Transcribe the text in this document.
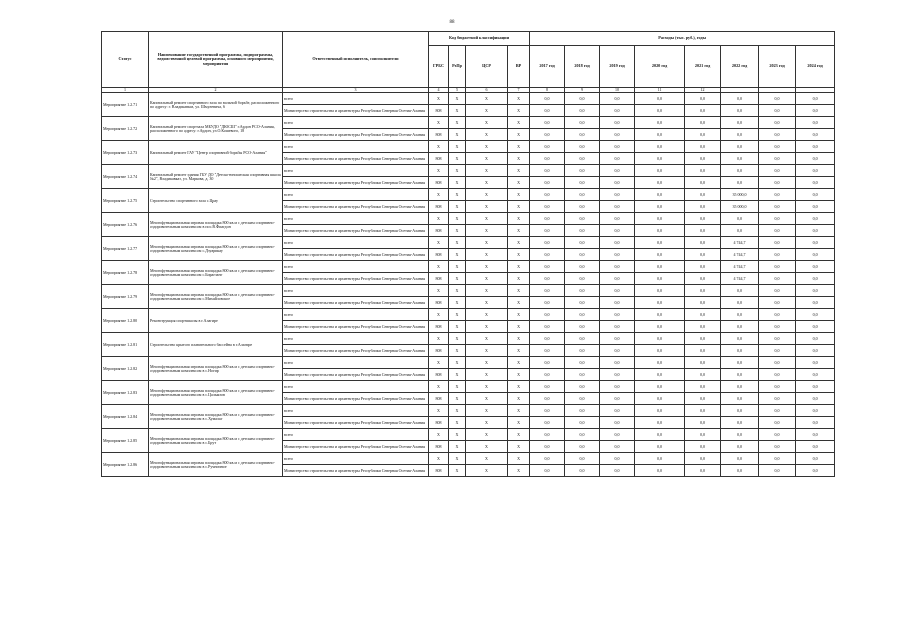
88
Статус	Наименование государственной программы, подпрограммы, ведомственной целевой программы, основного мероприятия, мероприятия	Ответственный исполнитель, соисполнители	Код бюджетной классификации				Расходы (тыс. руб.), годы							
			ГРБС	РзПр	ЦСР	ВР	2017 год	2018 год	2019 год	2020 год	2021 год	2022 год	2023 год	2024 год
1	2	3	4	5	6	7	8	9	10	11	12			
Мероприятие 1.2.71	Капитальный ремонт спортивного зала по вольной борьбе, расположенного по адресу: г. Владикавказ, ул. Шмулевича, 6	всего	X	X	X	X	0,0	0,0	0,0	0,0	0,0	0,0	0,0	0,0
		Министерство строительства и архитектуры Республики Северная Осетия-Алания	808	X	X	X	0,0	0,0	0,0	0,0	0,0	0,0	0,0	0,0
Мероприятие 1.2.72	Капитальный ремонт спортзала МБУДО "ДЮСШ" г.Ардон РСО-Алания, расположенного по адресу: г.Ардон, ул.О.Кошевого, 18	всего	X	X	X	X	0,0	0,0	0,0	0,0	0,0	0,0	0,0	0,0
		Министерство строительства и архитектуры Республики Северная Осетия-Алания	808	X	X	X	0,0	0,0	0,0	0,0	0,0	0,0	0,0	0,0
Мероприятие 1.2.73	Капитальный ремонт ГАУ "Центр спортивной борьбы РСО-Алания"	всего	X	X	X	X	0,0	0,0	0,0	0,0	0,0	0,0	0,0	0,0
		Министерство строительства и архитектуры Республики Северная Осетия-Алания	808	X	X	X	0,0	0,0	0,0	0,0	0,0	0,0	0,0	0,0
Мероприятие 1.2.74	Капитальный ремонт здания ГБУ ДО "Детско-юношеская спортивная школа №2", Владикавказ, ул. Маркова, д. 30	всего	X	X	X	X	0,0	0,0	0,0	0,0	0,0	0,0	0,0	0,0
		Министерство строительства и архитектуры Республики Северная Осетия-Алания	808	X	X	X	0,0	0,0	0,0	0,0	0,0	0,0	0,0	0,0
Мероприятие 1.2.75	Строительство спортивного зала с.Црау	всего	X	X	X	X	0,0	0,0	0,0	0,0	0,0	35 000,0	0,0	0,0
		Министерство строительства и архитектуры Республики Северная Осетия-Алания	808	X	X	X	0,0	0,0	0,0	0,0	0,0	35 000,0	0,0	0,0
Мероприятие 1.2.76	Многофункциональная игровая площадка 800 кв.м с детским спортивно-оздоровительным комплексом в пос.В.Фиагдон	всего	X	X	X	X	0,0	0,0	0,0	0,0	0,0	0,0	0,0	0,0
		Министерство строительства и архитектуры Республики Северная Осетия-Алания	808	X	X	X	0,0	0,0	0,0	0,0	0,0	0,0	0,0	0,0
Мероприятие 1.2.77	Многофункциональная игровая площадка 800 кв.м с детским спортивно-оздоровительным комплексом с.Дзуарикау	всего	X	X	X	X	0,0	0,0	0,0	0,0	0,0	4 744,7	0,0	0,0
		Министерство строительства и архитектуры Республики Северная Осетия-Алания	808	X	X	X	0,0	0,0	0,0	0,0	0,0	4 744,7	0,0	0,0
Мероприятие 1.2.78	Многофункциональная игровая площадка 800 кв.м с детским спортивно-оздоровительным комплексом с.Бирагзанг	всего	X	X	X	X	0,0	0,0	0,0	0,0	0,0	4 744,7	0,0	0,0
		Министерство строительства и архитектуры Республики Северная Осетия-Алания	808	X	X	X	0,0	0,0	0,0	0,0	0,0	4 744,7	0,0	0,0
Мероприятие 1.2.79	Многофункциональная игровая площадка 800 кв.м с детским спортивно-оздоровительным комплексом с.Михайловское	всего	X	X	X	X	0,0	0,0	0,0	0,0	0,0	0,0	0,0	0,0
		Министерство строительства и архитектуры Республики Северная Осетия-Алания	808	X	X	X	0,0	0,0	0,0	0,0	0,0	0,0	0,0	0,0
Мероприятие 1.2.80	Реконструкция спортшколы в г.Алагире	всего	X	X	X	X	0,0	0,0	0,0	0,0	0,0	0,0	0,0	0,0
		Министерство строительства и архитектуры Республики Северная Осетия-Алания	808	X	X	X	0,0	0,0	0,0	0,0	0,0	0,0	0,0	0,0
Мероприятие 1.2.81	Строительство крытого плавательного бассейна в г.Алагире	всего	X	X	X	X	0,0	0,0	0,0	0,0	0,0	0,0	0,0	0,0
		Министерство строительства и архитектуры Республики Северная Осетия-Алания	808	X	X	X	0,0	0,0	0,0	0,0	0,0	0,0	0,0	0,0
Мероприятие 1.2.82	Многофункциональная игровая площадка 800 кв.м с детским спортивно-оздоровительным комплексом в с.Ногир	всего	X	X	X	X	0,0	0,0	0,0	0,0	0,0	0,0	0,0	0,0
		Министерство строительства и архитектуры Республики Северная Осетия-Алания	808	X	X	X	0,0	0,0	0,0	0,0	0,0	0,0	0,0	0,0
Мероприятие 1.2.83	Многофункциональная игровая площадка 800 кв.м с детским спортивно-оздоровительным комплексом в с.Цалыкзов	всего	X	X	X	X	0,0	0,0	0,0	0,0	0,0	0,0	0,0	0,0
		Министерство строительства и архитектуры Республики Северная Осетия-Алания	808	X	X	X	0,0	0,0	0,0	0,0	0,0	0,0	0,0	0,0
Мероприятие 1.2.84	Многофункциональная игровая площадка 800 кв.м с детским спортивно-оздоровительным комплексом в с.Хумалаг	всего	X	X	X	X	0,0	0,0	0,0	0,0	0,0	0,0	0,0	0,0
		Министерство строительства и архитектуры Республики Северная Осетия-Алания	808	X	X	X	0,0	0,0	0,0	0,0	0,0	0,0	0,0	0,0
Мероприятие 1.2.85	Многофункциональная игровая площадка 800 кв.м с детским спортивно-оздоровительным комплексом в с.Брут	всего	X	X	X	X	0,0	0,0	0,0	0,0	0,0	0,0	0,0	0,0
		Министерство строительства и архитектуры Республики Северная Осетия-Алания	808	X	X	X	0,0	0,0	0,0	0,0	0,0	0,0	0,0	0,0
Мероприятие 1.2.86	Многофункциональная игровая площадка 800 кв.м с детским спортивно-оздоровительным комплексом в с.Ручничное	всего	X	X	X	X	0,0	0,0	0,0	0,0	0,0	0,0	0,0	0,0
		Министерство строительства и архитектуры Республики Северная Осетия-Алания	808	X	X	X	0,0	0,0	0,0	0,0	0,0	0,0	0,0	0,0
